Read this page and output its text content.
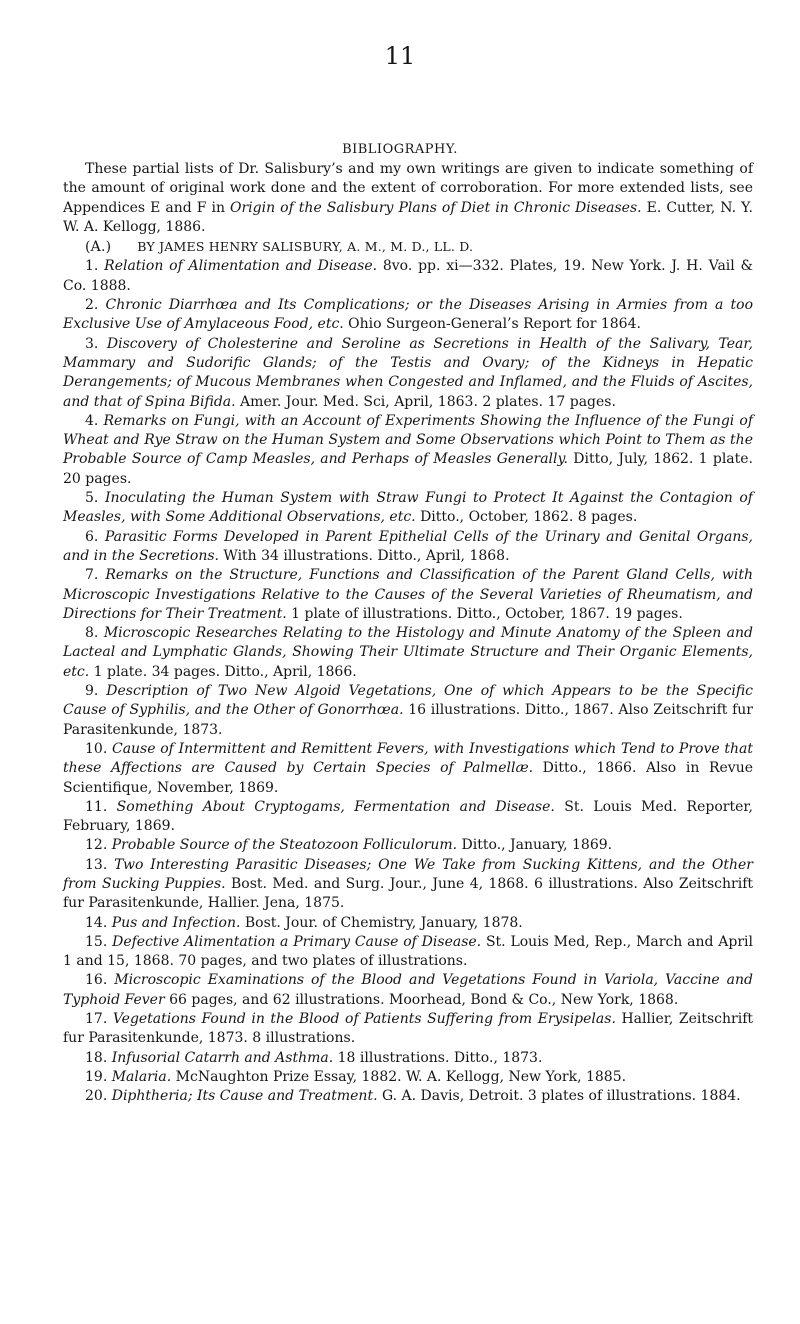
11
BIBLIOGRAPHY.

These partial lists of Dr. Salisbury’s and my own writings are given to indicate something of the amount of original work done and the extent of corroboration. For more extended lists, see Appendices E and F in Origin of the Salisbury Plans of Diet in Chronic Diseases. E. Cutter, N. Y. W. A. Kellogg, 1886.

(A.) BY JAMES HENRY SALISBURY, A. M., M. D., LL. D.

1. Relation of Alimentation and Disease. 8vo. pp. xi—332. Plates, 19. New York. J. H. Vail & Co. 1888.

2. Chronic Diarrhœa and Its Complications; or the Diseases Arising in Armies from a too Exclusive Use of Amylaceous Food, etc. Ohio Surgeon-General’s Report for 1864.

3. Discovery of Cholesterine and Seroline as Secretions in Health of the Salivary, Tear, Mammary and Sudorific Glands; of the Testis and Ovary; of the Kidneys in Hepatic Derangements; of Mucous Membranes when Congested and Inflamed, and the Fluids of Ascites, and that of Spina Bifida. Amer. Jour. Med. Sci, April, 1863. 2 plates. 17 pages.

4. Remarks on Fungi, with an Account of Experiments Showing the Influence of the Fungi of Wheat and Rye Straw on the Human System and Some Observations which Point to Them as the Probable Source of Camp Measles, and Perhaps of Measles Generally. Ditto, July, 1862. 1 plate. 20 pages.

5. Inoculating the Human System with Straw Fungi to Protect It Against the Contagion of Measles, with Some Additional Observations, etc. Ditto., October, 1862. 8 pages.

6. Parasitic Forms Developed in Parent Epithelial Cells of the Urinary and Genital Organs, and in the Secretions. With 34 illustrations. Ditto., April, 1868.

7. Remarks on the Structure, Functions and Classification of the Parent Gland Cells, with Microscopic Investigations Relative to the Causes of the Several Varieties of Rheumatism, and Directions for Their Treatment. 1 plate of illustrations. Ditto., October, 1867. 19 pages.

8. Microscopic Researches Relating to the Histology and Minute Anatomy of the Spleen and Lacteal and Lymphatic Glands, Showing Their Ultimate Structure and Their Organic Elements, etc. 1 plate. 34 pages. Ditto., April, 1866.

9. Description of Two New Algoid Vegetations, One of which Appears to be the Specific Cause of Syphilis, and the Other of Gonorrhœa. 16 illustrations. Ditto., 1867. Also Zeitschrift fur Parasitenkunde, 1873.

10. Cause of Intermittent and Remittent Fevers, with Investigations which Tend to Prove that these Affections are Caused by Certain Species of Palmellæ. Ditto., 1866. Also in Revue Scientifique, November, 1869.

11. Something About Cryptogams, Fermentation and Disease. St. Louis Med. Reporter, February, 1869.

12. Probable Source of the Steatozoon Folliculorum. Ditto., January, 1869.

13. Two Interesting Parasitic Diseases; One We Take from Sucking Kittens, and the Other from Sucking Puppies. Bost. Med. and Surg. Jour., June 4, 1868. 6 illustrations. Also Zeitschrift fur Parasitenkunde, Hallier. Jena, 1875.

14. Pus and Infection. Bost. Jour. of Chemistry, January, 1878.

15. Defective Alimentation a Primary Cause of Disease. St. Louis Med, Rep., March and April 1 and 15, 1868. 70 pages, and two plates of illustrations.

16. Microscopic Examinations of the Blood and Vegetations Found in Variola, Vaccine and Typhoid Fever 66 pages, and 62 illustrations. Moorhead, Bond & Co., New York, 1868.

17. Vegetations Found in the Blood of Patients Suffering from Erysipelas. Hallier, Zeitschrift fur Parasitenkunde, 1873. 8 illustrations.

18. Infusorial Catarrh and Asthma. 18 illustrations. Ditto., 1873.

19. Malaria. McNaughton Prize Essay, 1882. W. A. Kellogg, New York, 1885.

20. Diphtheria; Its Cause and Treatment. G. A. Davis, Detroit. 3 plates of illustrations. 1884.
